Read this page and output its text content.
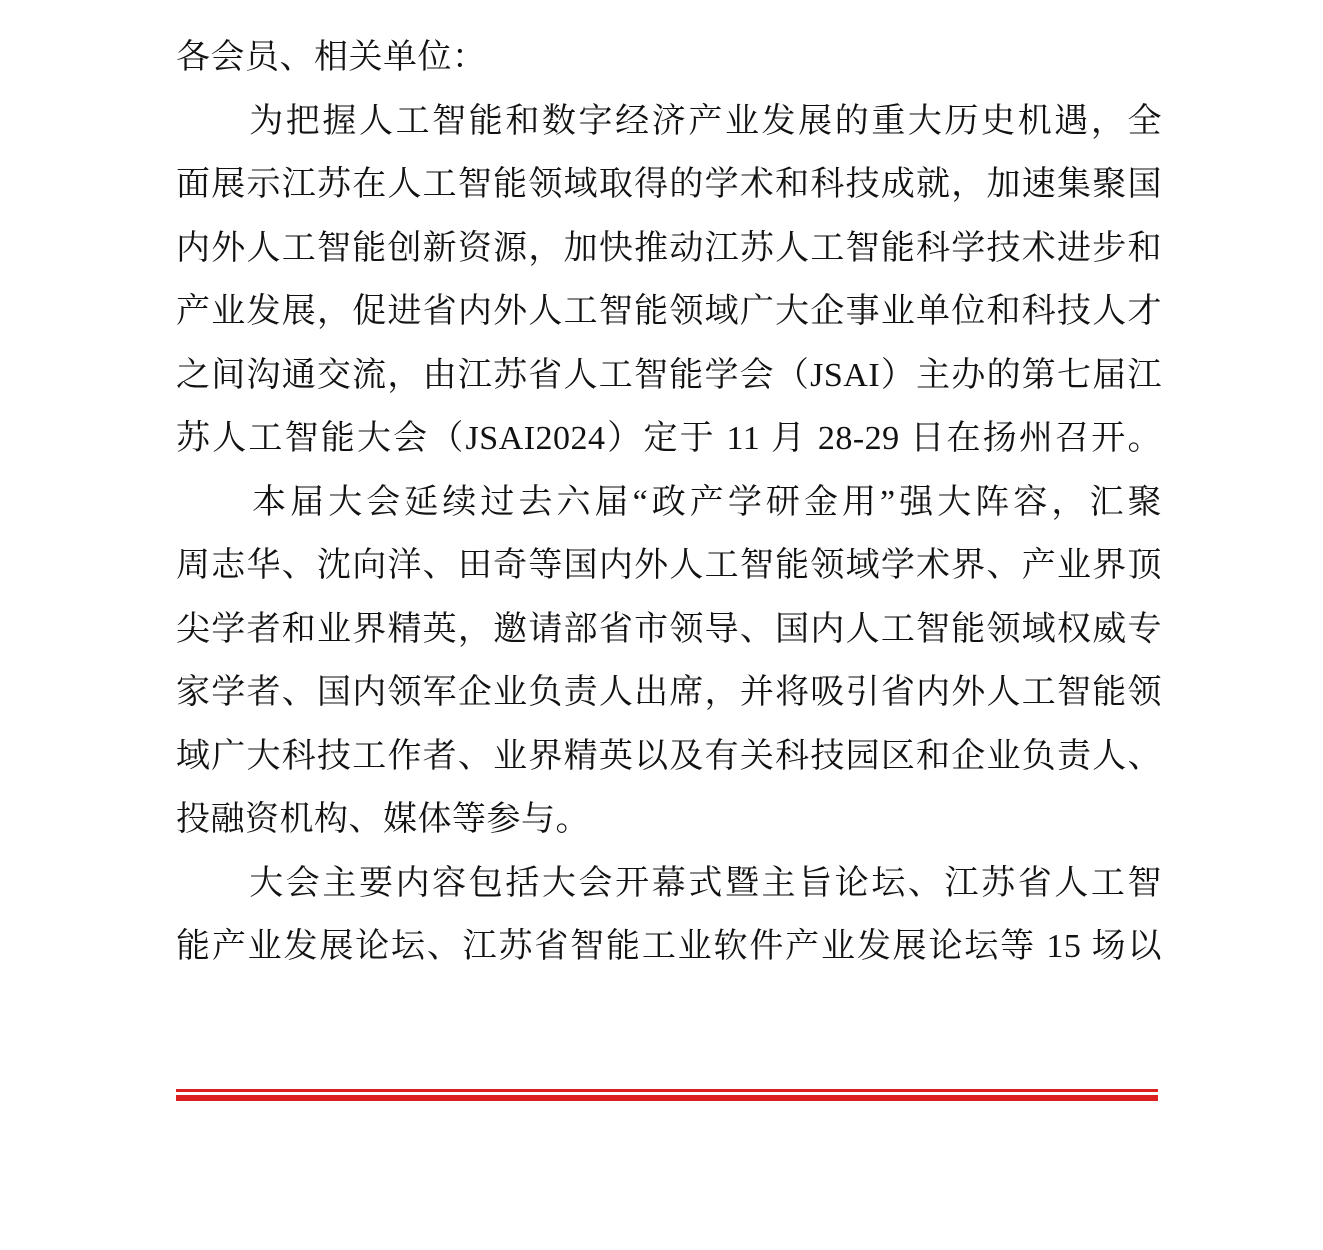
各会员、相关单位：
　　为把握人工智能和数字经济产业发展的重大历史机遇，全
面展示江苏在人工智能领域取得的学术和科技成就，加速集聚国
内外人工智能创新资源，加快推动江苏人工智能科学技术进步和
产业发展，促进省内外人工智能领域广大企事业单位和科技人才
之间沟通交流，由江苏省人工智能学会（JSAI）主办的第七届江
苏人工智能大会（JSAI2024）定于 11 月 28-29 日在扬州召开。
　　本届大会延续过去六届“政产学研金用”强大阵容，汇聚
周志华、沈向洋、田奇等国内外人工智能领域学术界、产业界顶
尖学者和业界精英，邀请部省市领导、国内人工智能领域权威专
家学者、国内领军企业负责人出席，并将吸引省内外人工智能领
域广大科技工作者、业界精英以及有关科技园区和企业负责人、
投融资机构、媒体等参与。
　　大会主要内容包括大会开幕式暨主旨论坛、江苏省人工智
能产业发展论坛、江苏省智能工业软件产业发展论坛等 15 场以
